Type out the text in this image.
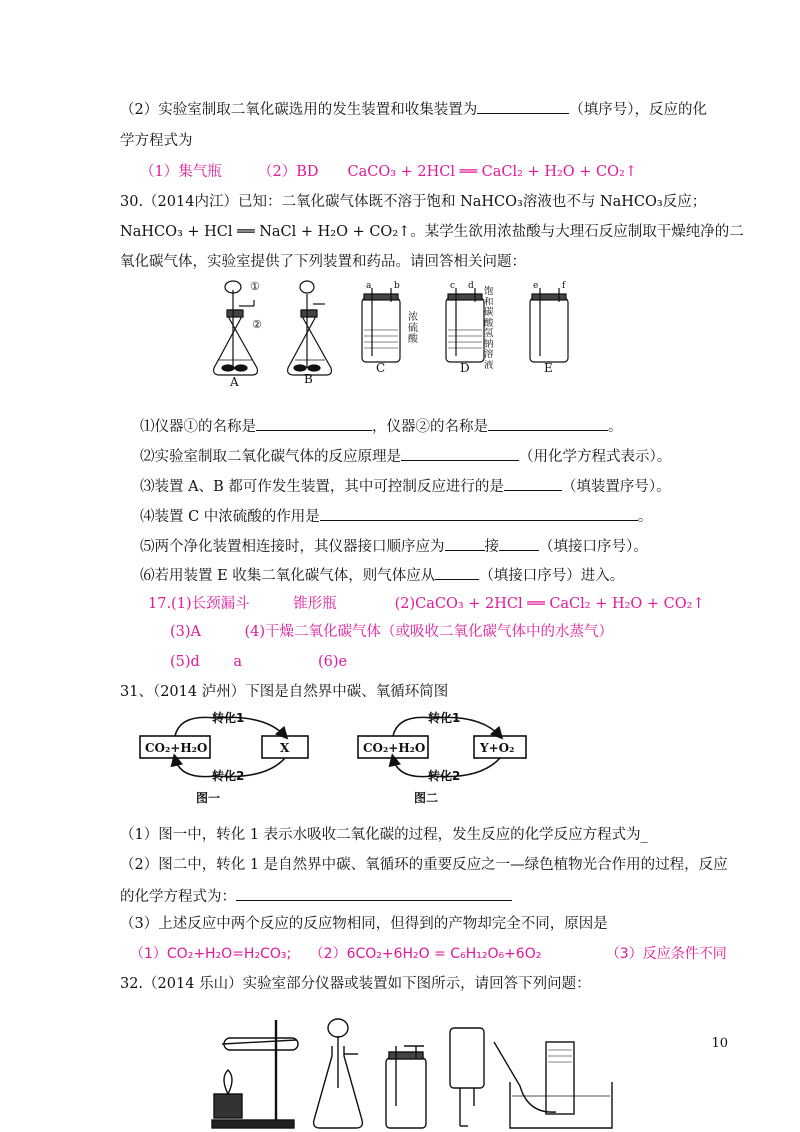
（2）实验室制取二氧化碳选用的发生装置和收集装置为	（填序号），反应的化
学方程式为
（1）集气瓶　　　（2）BD　　CaCO₃ + 2HCl ══ CaCl₂ + H₂O + CO₂↑
30.（2014内江）已知：二氧化碳气体既不溶于饱和 NaHCO₃溶液也不与 NaHCO₃反应；
NaHCO₃ + HCl ══ NaCl + H₂O + CO₂↑。某学生欲用浓盐酸与大理石反应制取干燥纯净的二
氧化碳气体，实验室提供了下列装置和药品。请回答相关问题：
①
②
A	B
a	b
C
c d
D
e	f
E
浓硫酸
饱和碳酸氢钠溶液
⑴仪器①的名称是	，仪器②的名称是	。
⑵实验室制取二氧化碳气体的反应原理是	（用化学方程式表示）。
⑶装置 A、B 都可作发生装置，其中可控制反应进行的是	（填装置序号）。
⑷装置 C 中浓硫酸的作用是	。
⑸两个净化装置相连接时，其仪器接口顺序应为	接	（填接口序号）。
⑹若用装置 E 收集二氧化碳气体，则气体应从	（填接口序号）进入。
17.(1)长颈漏斗　　　锥形瓶　　　　(2)CaCO₃ + 2HCl ══ CaCl₂ + H₂O + CO₂↑
(3)A　　　(4)干燥二氧化碳气体（或吸收二氧化碳气体中的水蒸气）
(5)d　　 a	(6)e
31、（2014 泸州）下图是自然界中碳、氧循环简图
CO₂+H₂O	X
转化1
转化2
图一
CO₂+H₂O	Y+O₂
转化1
转化2
图二
（1）图一中，转化 1 表示水吸收二氧化碳的过程，发生反应的化学反应方程式为_
（2）图二中，转化 1 是自然界中碳、氧循环的重要反应之一—绿色植物光合作用的过程，反应
的化学方程式为：
（3）上述反应中两个反应的反应物相同，但得到的产物却完全不同，原因是
（1）CO₂+H₂O=H₂CO₃; （2）6CO₂+6H₂O = C₆H₁₂O₆+6O₂	（3）反应条件不同
32.（2014 乐山）实验室部分仪器或装置如下图所示，请回答下列问题：
10
